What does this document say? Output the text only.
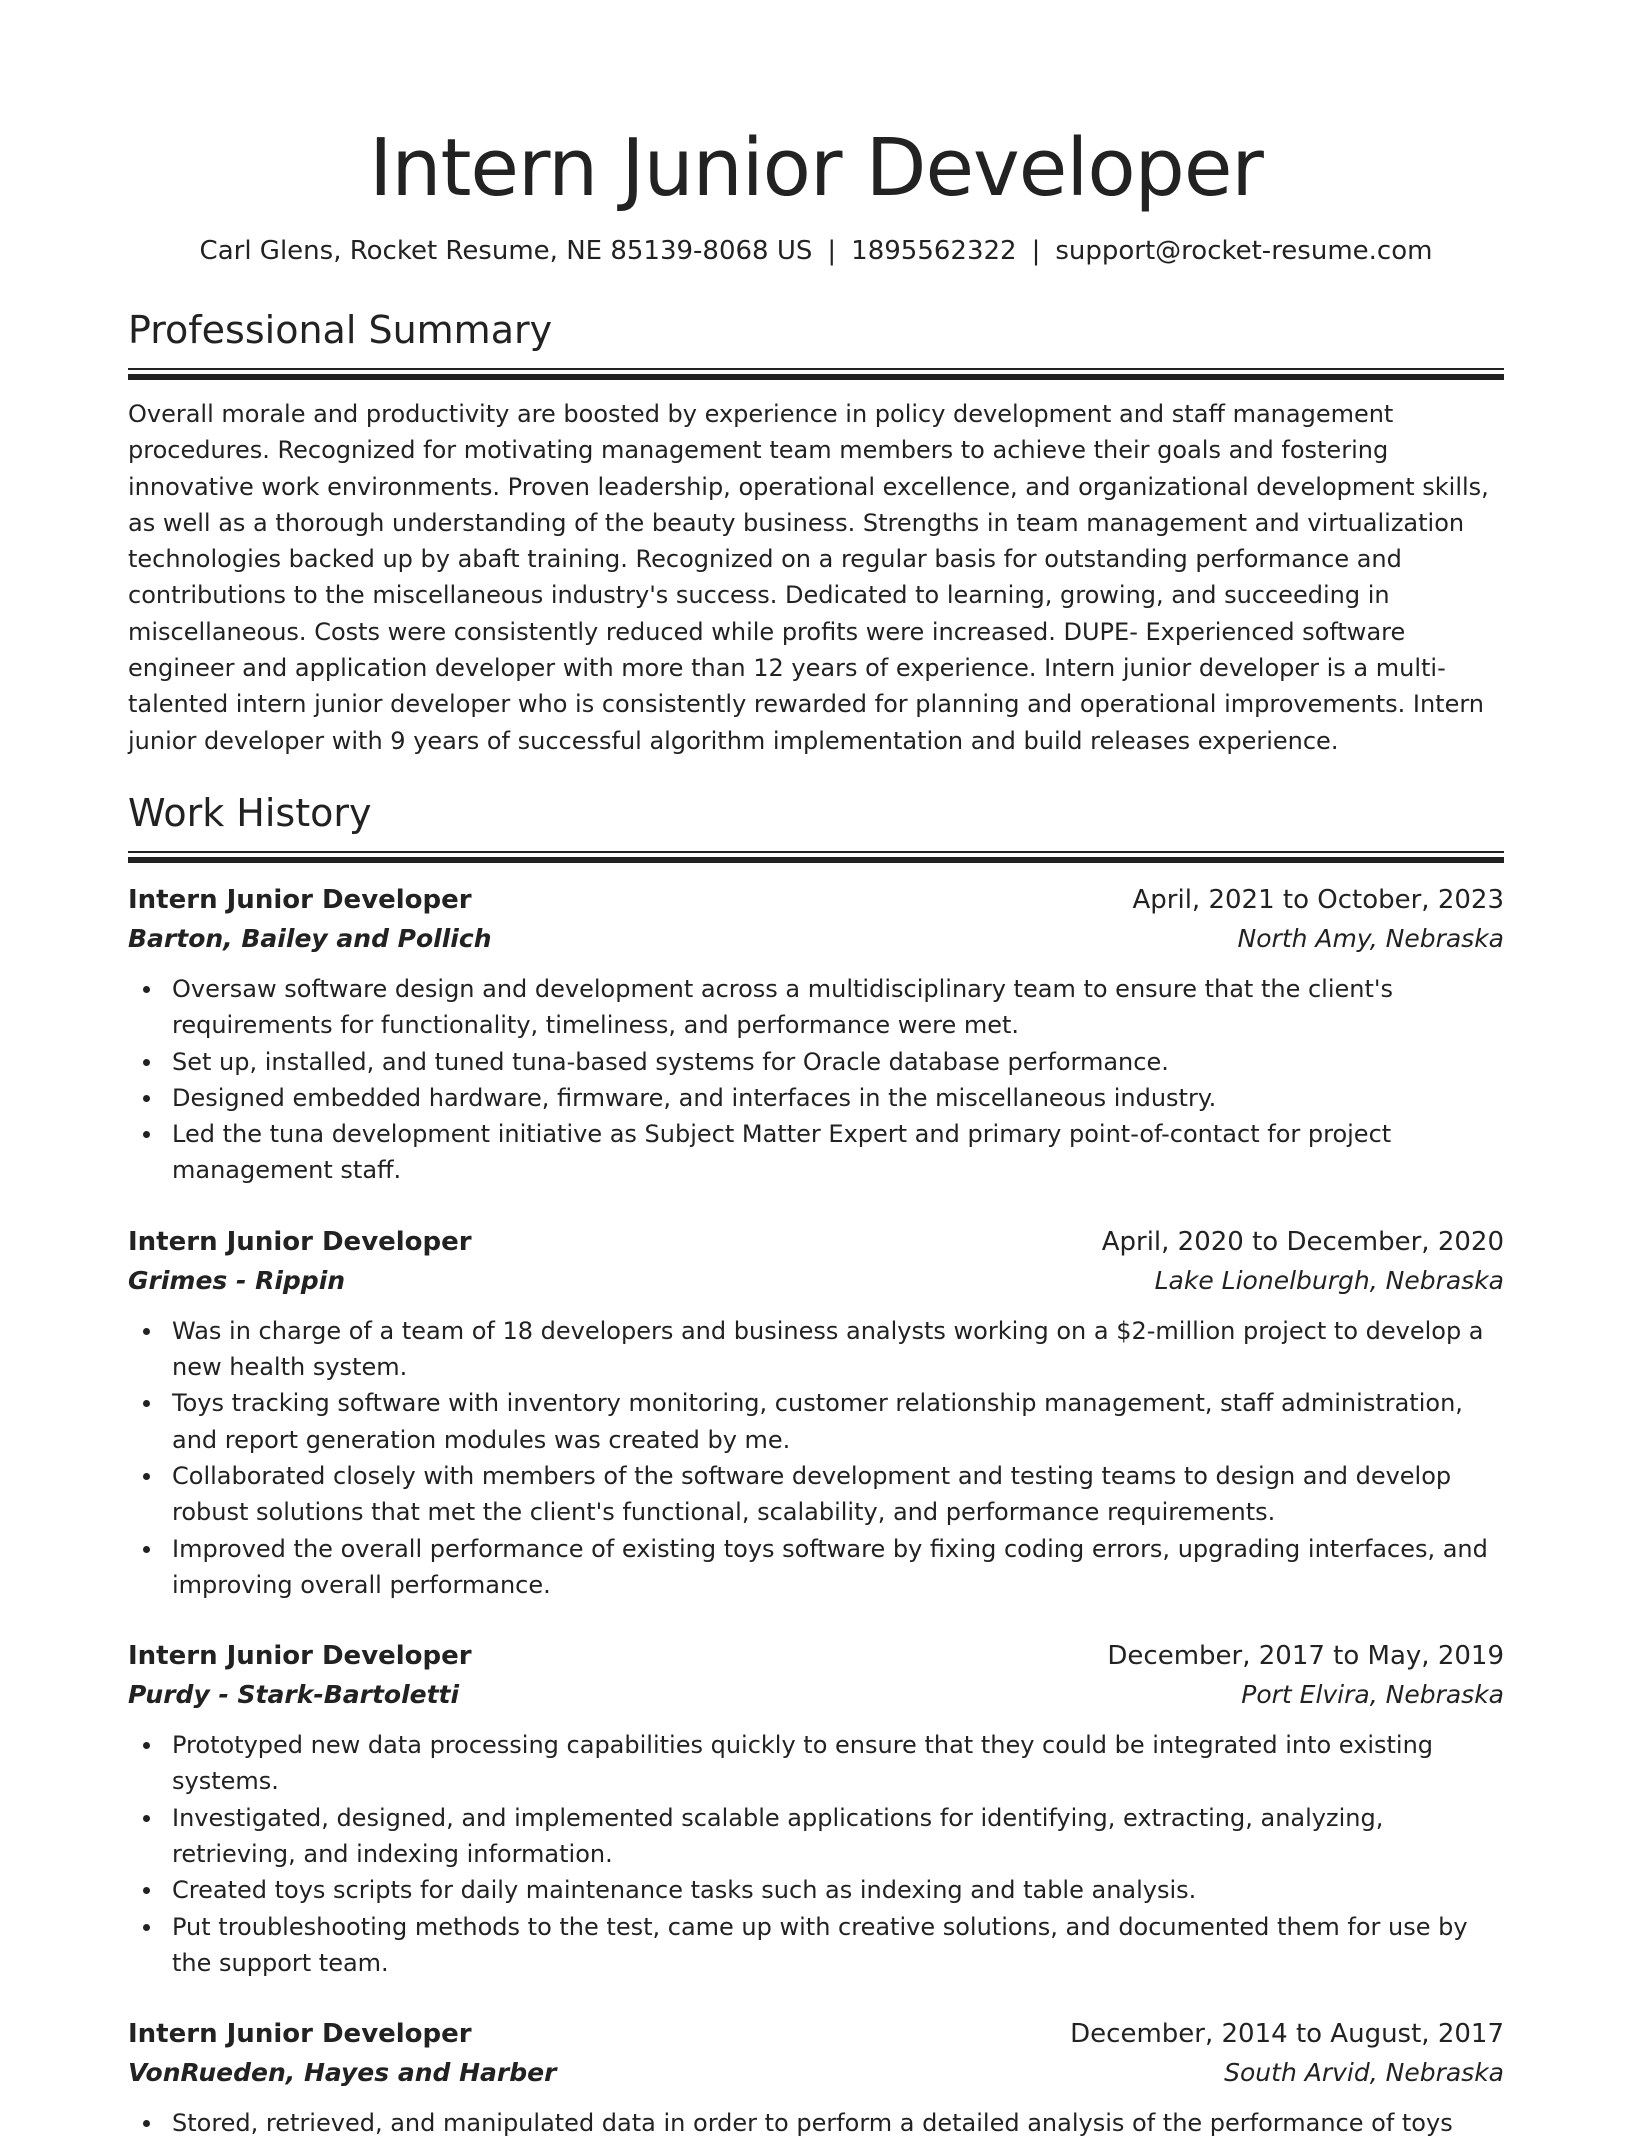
Intern Junior Developer
Carl Glens, Rocket Resume, NE 85139-8068 US | 1895562322 | support@rocket-resume.com
Professional Summary

Overall morale and productivity are boosted by experience in policy development and staff management procedures. Recognized for motivating management team members to achieve their goals and fostering innovative work environments. Proven leadership, operational excellence, and organizational development skills, as well as a thorough understanding of the beauty business. Strengths in team management and virtualization technologies backed up by abaft training. Recognized on a regular basis for outstanding performance and contributions to the miscellaneous industry's success. Dedicated to learning, growing, and succeeding in miscellaneous. Costs were consistently reduced while profits were increased. DUPE- Experienced software engineer and application developer with more than 12 years of experience. Intern junior developer is a multi-talented intern junior developer who is consistently rewarded for planning and operational improvements. Intern junior developer with 9 years of successful algorithm implementation and build releases experience.

Work History
Intern Junior Developer	April, 2021 to October, 2023
Barton, Bailey and Pollich	North Amy, Nebraska
Oversaw software design and development across a multidisciplinary team to ensure that the client's requirements for functionality, timeliness, and performance were met.
Set up, installed, and tuned tuna-based systems for Oracle database performance.
Designed embedded hardware, firmware, and interfaces in the miscellaneous industry.
Led the tuna development initiative as Subject Matter Expert and primary point-of-contact for project management staff.
Intern Junior Developer	April, 2020 to December, 2020
Grimes - Rippin	Lake Lionelburgh, Nebraska
Was in charge of a team of 18 developers and business analysts working on a $2-million project to develop a new health system.
Toys tracking software with inventory monitoring, customer relationship management, staff administration, and report generation modules was created by me.
Collaborated closely with members of the software development and testing teams to design and develop robust solutions that met the client's functional, scalability, and performance requirements.
Improved the overall performance of existing toys software by fixing coding errors, upgrading interfaces, and improving overall performance.
Intern Junior Developer	December, 2017 to May, 2019
Purdy - Stark-Bartoletti	Port Elvira, Nebraska
Prototyped new data processing capabilities quickly to ensure that they could be integrated into existing systems.
Investigated, designed, and implemented scalable applications for identifying, extracting, analyzing, retrieving, and indexing information.
Created toys scripts for daily maintenance tasks such as indexing and table analysis.
Put troubleshooting methods to the test, came up with creative solutions, and documented them for use by the support team.
Intern Junior Developer	December, 2014 to August, 2017
VonRueden, Hayes and Harber	South Arvid, Nebraska
Stored, retrieved, and manipulated data in order to perform a detailed analysis of the performance of toys
